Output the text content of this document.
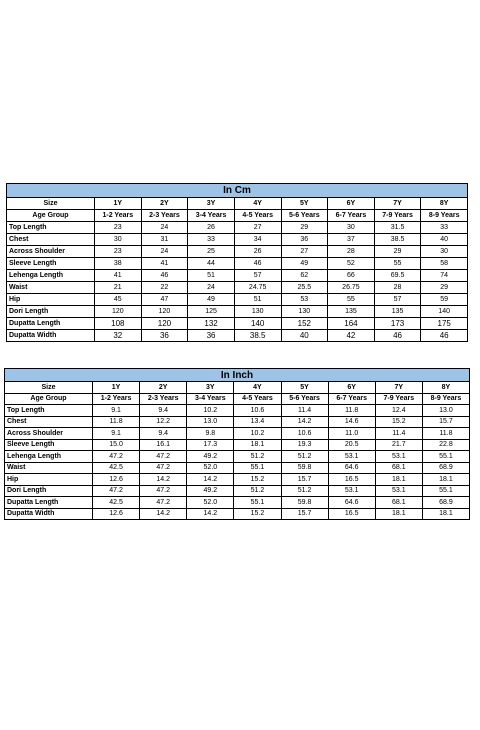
In Cm								
Size	1Y	2Y	3Y	4Y	5Y	6Y	7Y	8Y
Age Group	1-2 Years	2-3 Years	3-4 Years	4-5 Years	5-6 Years	6-7 Years	7-9 Years	8-9 Years
Top Length	23	24	26	27	29	30	31.5	33
Chest	30	31	33	34	36	37	38.5	40
Across Shoulder	23	24	25	26	27	28	29	30
Sleeve Length	38	41	44	46	49	52	55	58
Lehenga Length	41	46	51	57	62	66	69.5	74
Waist	21	22	24	24.75	25.5	26.75	28	29
Hip	45	47	49	51	53	55	57	59
Dori Length	120	120	125	130	130	135	135	140
Dupatta Length	108	120	132	140	152	164	173	175
Dupatta Width	32	36	36	38.5	40	42	46	46
In Inch								
Size	1Y	2Y	3Y	4Y	5Y	6Y	7Y	8Y
Age Group	1-2 Years	2-3 Years	3-4 Years	4-5 Years	5-6 Years	6-7 Years	7-9 Years	8-9 Years
Top Length	9.1	9.4	10.2	10.6	11.4	11.8	12.4	13.0
Chest	11.8	12.2	13.0	13.4	14.2	14.6	15.2	15.7
Across Shoulder	9.1	9.4	9.8	10.2	10.6	11.0	11.4	11.8
Sleeve Length	15.0	16.1	17.3	18.1	19.3	20.5	21.7	22.8
Lehenga Length	47.2	47.2	49.2	51.2	51.2	53.1	53.1	55.1
Waist	42.5	47.2	52.0	55.1	59.8	64.6	68.1	68.9
Hip	12.6	14.2	14.2	15.2	15.7	16.5	18.1	18.1
Dori Length	47.2	47.2	49.2	51.2	51.2	53.1	53.1	55.1
Dupatta Length	42.5	47.2	52.0	55.1	59.8	64.6	68.1	68.9
Dupatta Width	12.6	14.2	14.2	15.2	15.7	16.5	18.1	18.1
